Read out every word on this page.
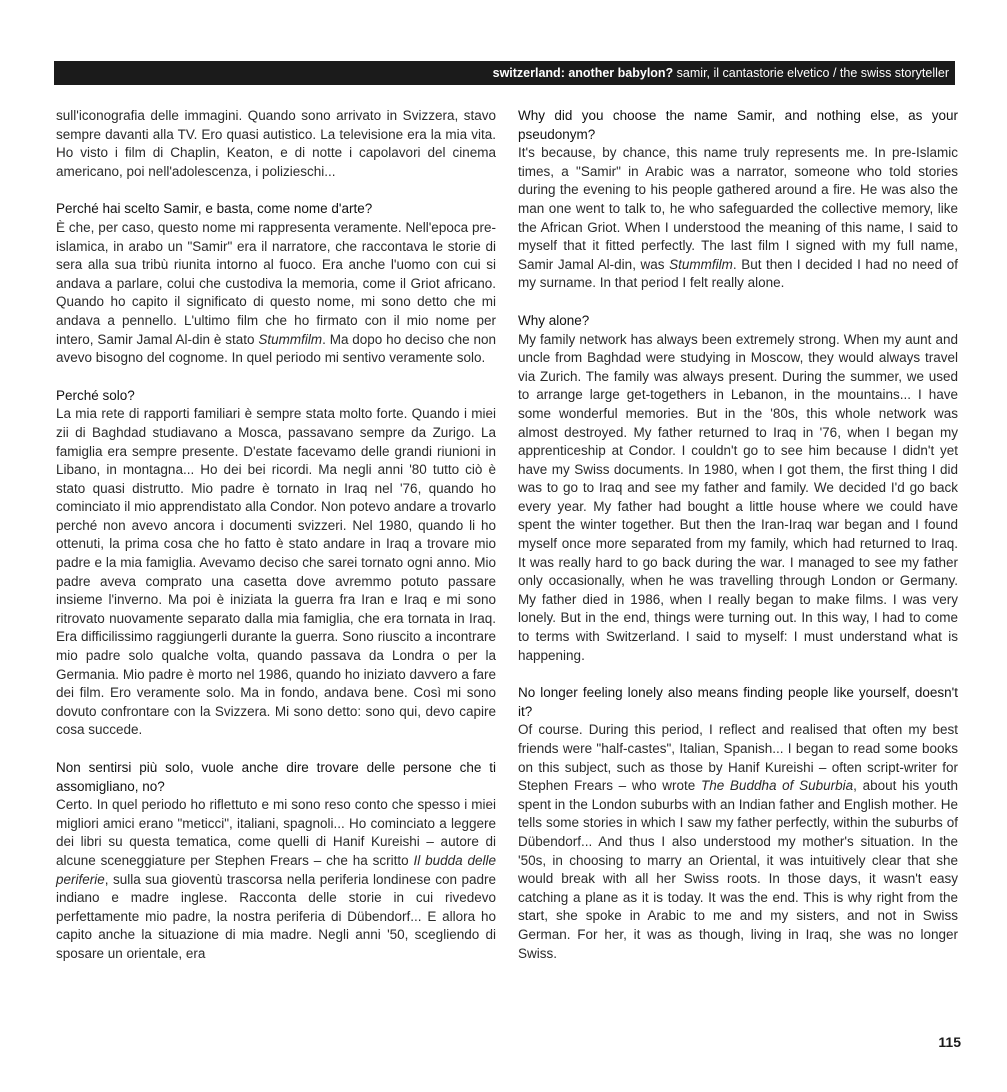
switzerland: another babylon? samir, il cantastorie elvetico / the swiss storyteller

sull'iconografia delle immagini. Quando sono arrivato in Svizzera, stavo sempre davanti alla TV. Ero quasi autistico. La televisione era la mia vita. Ho visto i film di Chaplin, Keaton, e di notte i capolavori del cinema americano, poi nell'adolescenza, i polizieschi...

Perché hai scelto Samir, e basta, come nome d'arte?

È che, per caso, questo nome mi rappresenta veramente. Nell'epoca pre-islamica, in arabo un "Samir" era il narratore, che raccontava le storie di sera alla sua tribù riunita intorno al fuoco. Era anche l'uomo con cui si andava a parlare, colui che custodiva la memoria, come il Griot africano. Quando ho capito il significato di questo nome, mi sono detto che mi andava a pennello. L'ultimo film che ho firmato con il mio nome per intero, Samir Jamal Al-din è stato Stummfilm. Ma dopo ho deciso che non avevo bisogno del cognome. In quel periodo mi sentivo veramente solo.

Perché solo?

La mia rete di rapporti familiari è sempre stata molto forte. Quando i miei zii di Baghdad studiavano a Mosca, passavano sempre da Zurigo. La famiglia era sempre presente. D'estate facevamo delle grandi riunioni in Libano, in montagna... Ho dei bei ricordi. Ma negli anni '80 tutto ciò è stato quasi distrutto. Mio padre è tornato in Iraq nel '76, quando ho cominciato il mio apprendistato alla Condor. Non potevo andare a trovarlo perché non avevo ancora i documenti svizzeri. Nel 1980, quando li ho ottenuti, la prima cosa che ho fatto è stato andare in Iraq a trovare mio padre e la mia famiglia. Avevamo deciso che sarei tornato ogni anno. Mio padre aveva comprato una casetta dove avremmo potuto passare insieme l'inverno. Ma poi è iniziata la guerra fra Iran e Iraq e mi sono ritrovato nuovamente separato dalla mia famiglia, che era tornata in Iraq. Era difficilissimo raggiungerli durante la guerra. Sono riuscito a incontrare mio padre solo qualche volta, quando passava da Londra o per la Germania. Mio padre è morto nel 1986, quando ho iniziato davvero a fare dei film. Ero veramente solo. Ma in fondo, andava bene. Così mi sono dovuto confrontare con la Svizzera. Mi sono detto: sono qui, devo capire cosa succede.

Non sentirsi più solo, vuole anche dire trovare delle persone che ti assomigliano, no?

Certo. In quel periodo ho riflettuto e mi sono reso conto che spesso i miei migliori amici erano "meticci", italiani, spagnoli... Ho cominciato a leggere dei libri su questa tematica, come quelli di Hanif Kureishi – autore di alcune sceneggiature per Stephen Frears – che ha scritto Il budda delle periferie, sulla sua gioventù trascorsa nella periferia londinese con padre indiano e madre inglese. Racconta delle storie in cui rivedevo perfettamente mio padre, la nostra periferia di Dübendorf... E allora ho capito anche la situazione di mia madre. Negli anni '50, scegliendo di sposare un orientale, era

Why did you choose the name Samir, and nothing else, as your pseudonym?

It's because, by chance, this name truly represents me. In pre-Islamic times, a "Samir" in Arabic was a narrator, someone who told stories during the evening to his people gathered around a fire. He was also the man one went to talk to, he who safeguarded the collective memory, like the African Griot. When I understood the meaning of this name, I said to myself that it fitted perfectly. The last film I signed with my full name, Samir Jamal Al-din, was Stummfilm. But then I decided I had no need of my surname. In that period I felt really alone.

Why alone?

My family network has always been extremely strong. When my aunt and uncle from Baghdad were studying in Moscow, they would always travel via Zurich. The family was always present. During the summer, we used to arrange large get-togethers in Lebanon, in the mountains... I have some wonderful memories. But in the '80s, this whole network was almost destroyed. My father returned to Iraq in '76, when I began my apprenticeship at Condor. I couldn't go to see him because I didn't yet have my Swiss documents. In 1980, when I got them, the first thing I did was to go to Iraq and see my father and family. We decided I'd go back every year. My father had bought a little house where we could have spent the winter together. But then the Iran-Iraq war began and I found myself once more separated from my family, which had returned to Iraq. It was really hard to go back during the war. I managed to see my father only occasionally, when he was travelling through London or Germany. My father died in 1986, when I really began to make films. I was very lonely. But in the end, things were turning out. In this way, I had to come to terms with Switzerland. I said to myself: I must understand what is happening.

No longer feeling lonely also means finding people like yourself, doesn't it?

Of course. During this period, I reflect and realised that often my best friends were "half-castes", Italian, Spanish... I began to read some books on this subject, such as those by Hanif Kureishi – often script-writer for Stephen Frears – who wrote The Buddha of Suburbia, about his youth spent in the London suburbs with an Indian father and English mother. He tells some stories in which I saw my father perfectly, within the suburbs of Dübendorf... And thus I also understood my mother's situation. In the '50s, in choosing to marry an Oriental, it was intuitively clear that she would break with all her Swiss roots. In those days, it wasn't easy catching a plane as it is today. It was the end. This is why right from the start, she spoke in Arabic to me and my sisters, and not in Swiss German. For her, it was as though, living in Iraq, she was no longer Swiss.

115
